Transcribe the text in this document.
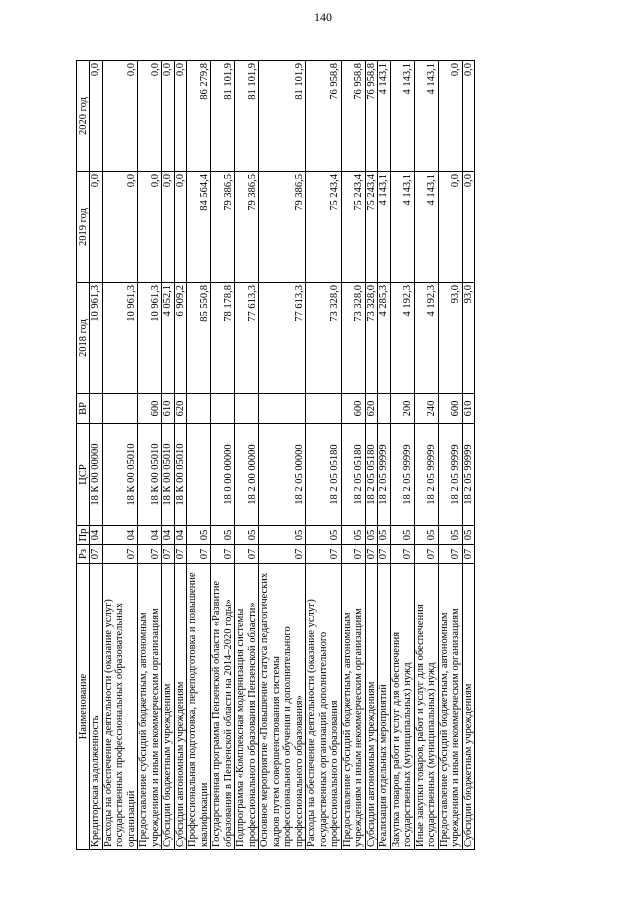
140
Наименование	Рз	Пр	ЦСР	ВР	2018 год	2019 год	2020 год
Кредиторская задолженность	07	04	18 К 00 00000		10 961,3	0,0	0,0
Расходы на обеспечение деятельности (оказание услуг) государственных профессиональных образовательных организаций	07	04	18 К 00 05010		10 961,3	0,0	0,0
Предоставление субсидий бюджетным, автономным учреждениям и иным некоммерческим организациям	07	04	18 К 00 05010	600	10 961,3	0,0	0,0
Субсидии бюджетным учреждениям	07	04	18 К 00 05010	610	4 052,1	0,0	0,0
Субсидии автономным учреждениям	07	04	18 К 00 05010	620	6 909,2	0,0	0,0
Профессиональная подготовка, переподготовка и повышение квалификации	07	05			85 550,8	84 564,4	86 279,8
Государственная программа Пензенской области «Развитие образования в Пензенской области на 2014–2020 годы»	07	05	18 0 00 00000		78 178,8	79 386,5	81 101,9
Подпрограмма «Комплексная модернизация системы профессионального образования Пензенской области»	07	05	18 2 00 00000		77 613,3	79 386,5	81 101,9
Основное мероприятие «Повышение статуса педагогических кадров путем совершенствования системы профессионального обучения и дополнительного профессионального образования»	07	05	18 2 05 00000		77 613,3	79 386,5	81 101,9
Расходы на обеспечение деятельности (оказание услуг) государственных организаций дополнительного профессионального образования	07	05	18 2 05 05180		73 328,0	75 243,4	76 958,8
Предоставление субсидий бюджетным, автономным учреждениям и иным некоммерческим организациям	07	05	18 2 05 05180	600	73 328,0	75 243,4	76 958,8
Субсидии автономным учреждениям	07	05	18 2 05 05180	620	73 328,0	75 243,4	76 958,8
Реализация отдельных мероприятий	07	05	18 2 05 99999		4 285,3	4 143,1	4 143,1
Закупка товаров, работ и услуг для обеспечения государственных (муниципальных) нужд	07	05	18 2 05 99999	200	4 192,3	4 143,1	4 143,1
Иные закупки товаров, работ и услуг для обеспечения государственных (муниципальных) нужд	07	05	18 2 05 99999	240	4 192,3	4 143,1	4 143,1
Предоставление субсидий бюджетным, автономным учреждениям и иным некоммерческим организациям	07	05	18 2 05 99999	600	93,0	0,0	0,0
Субсидии бюджетным учреждениям	07	05	18 2 05 99999	610	93,0	0,0	0,0
